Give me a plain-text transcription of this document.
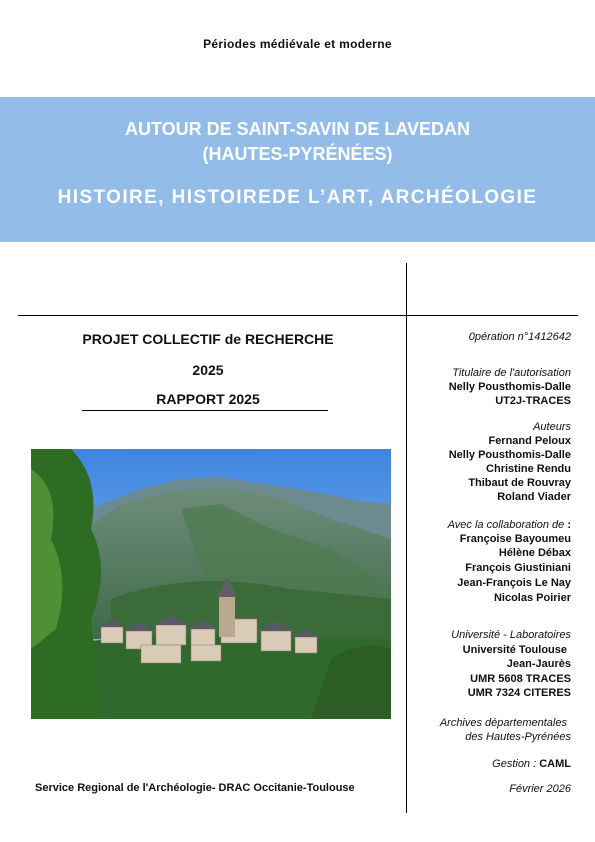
Périodes médiévale et moderne
AUTOUR DE SAINT-SAVIN DE LAVEDAN
(HAUTES-PYRÉNÉES)
HISTOIRE, HISTOIREDE L’ART, ARCHÉOLOGIE
PROJET COLLECTIF de RECHERCHE
2025
RAPPORT 2025
Service Regional de l'Archéologie- DRAC Occitanie-Toulouse
0pération n°1412642
Titulaire de l'autorisation
Nelly Pousthomis-Dalle
UT2J-TRACES
Auteurs
Fernand Peloux
Nelly Pousthomis-Dalle
Christine Rendu
Thibaut de Rouvray
Roland Viader
Avec la collaboration de :
Françoise Bayoumeu
Hélène Débax
François Giustiniani
Jean-François Le Nay
Nicolas Poirier
Université - Laboratoires
Université Toulouse
Jean-Jaurès
UMR 5608 TRACES
UMR 7324 CITERES
Archives départementales
des Hautes-Pyrénées
Gestion : CAML
Février 2026
